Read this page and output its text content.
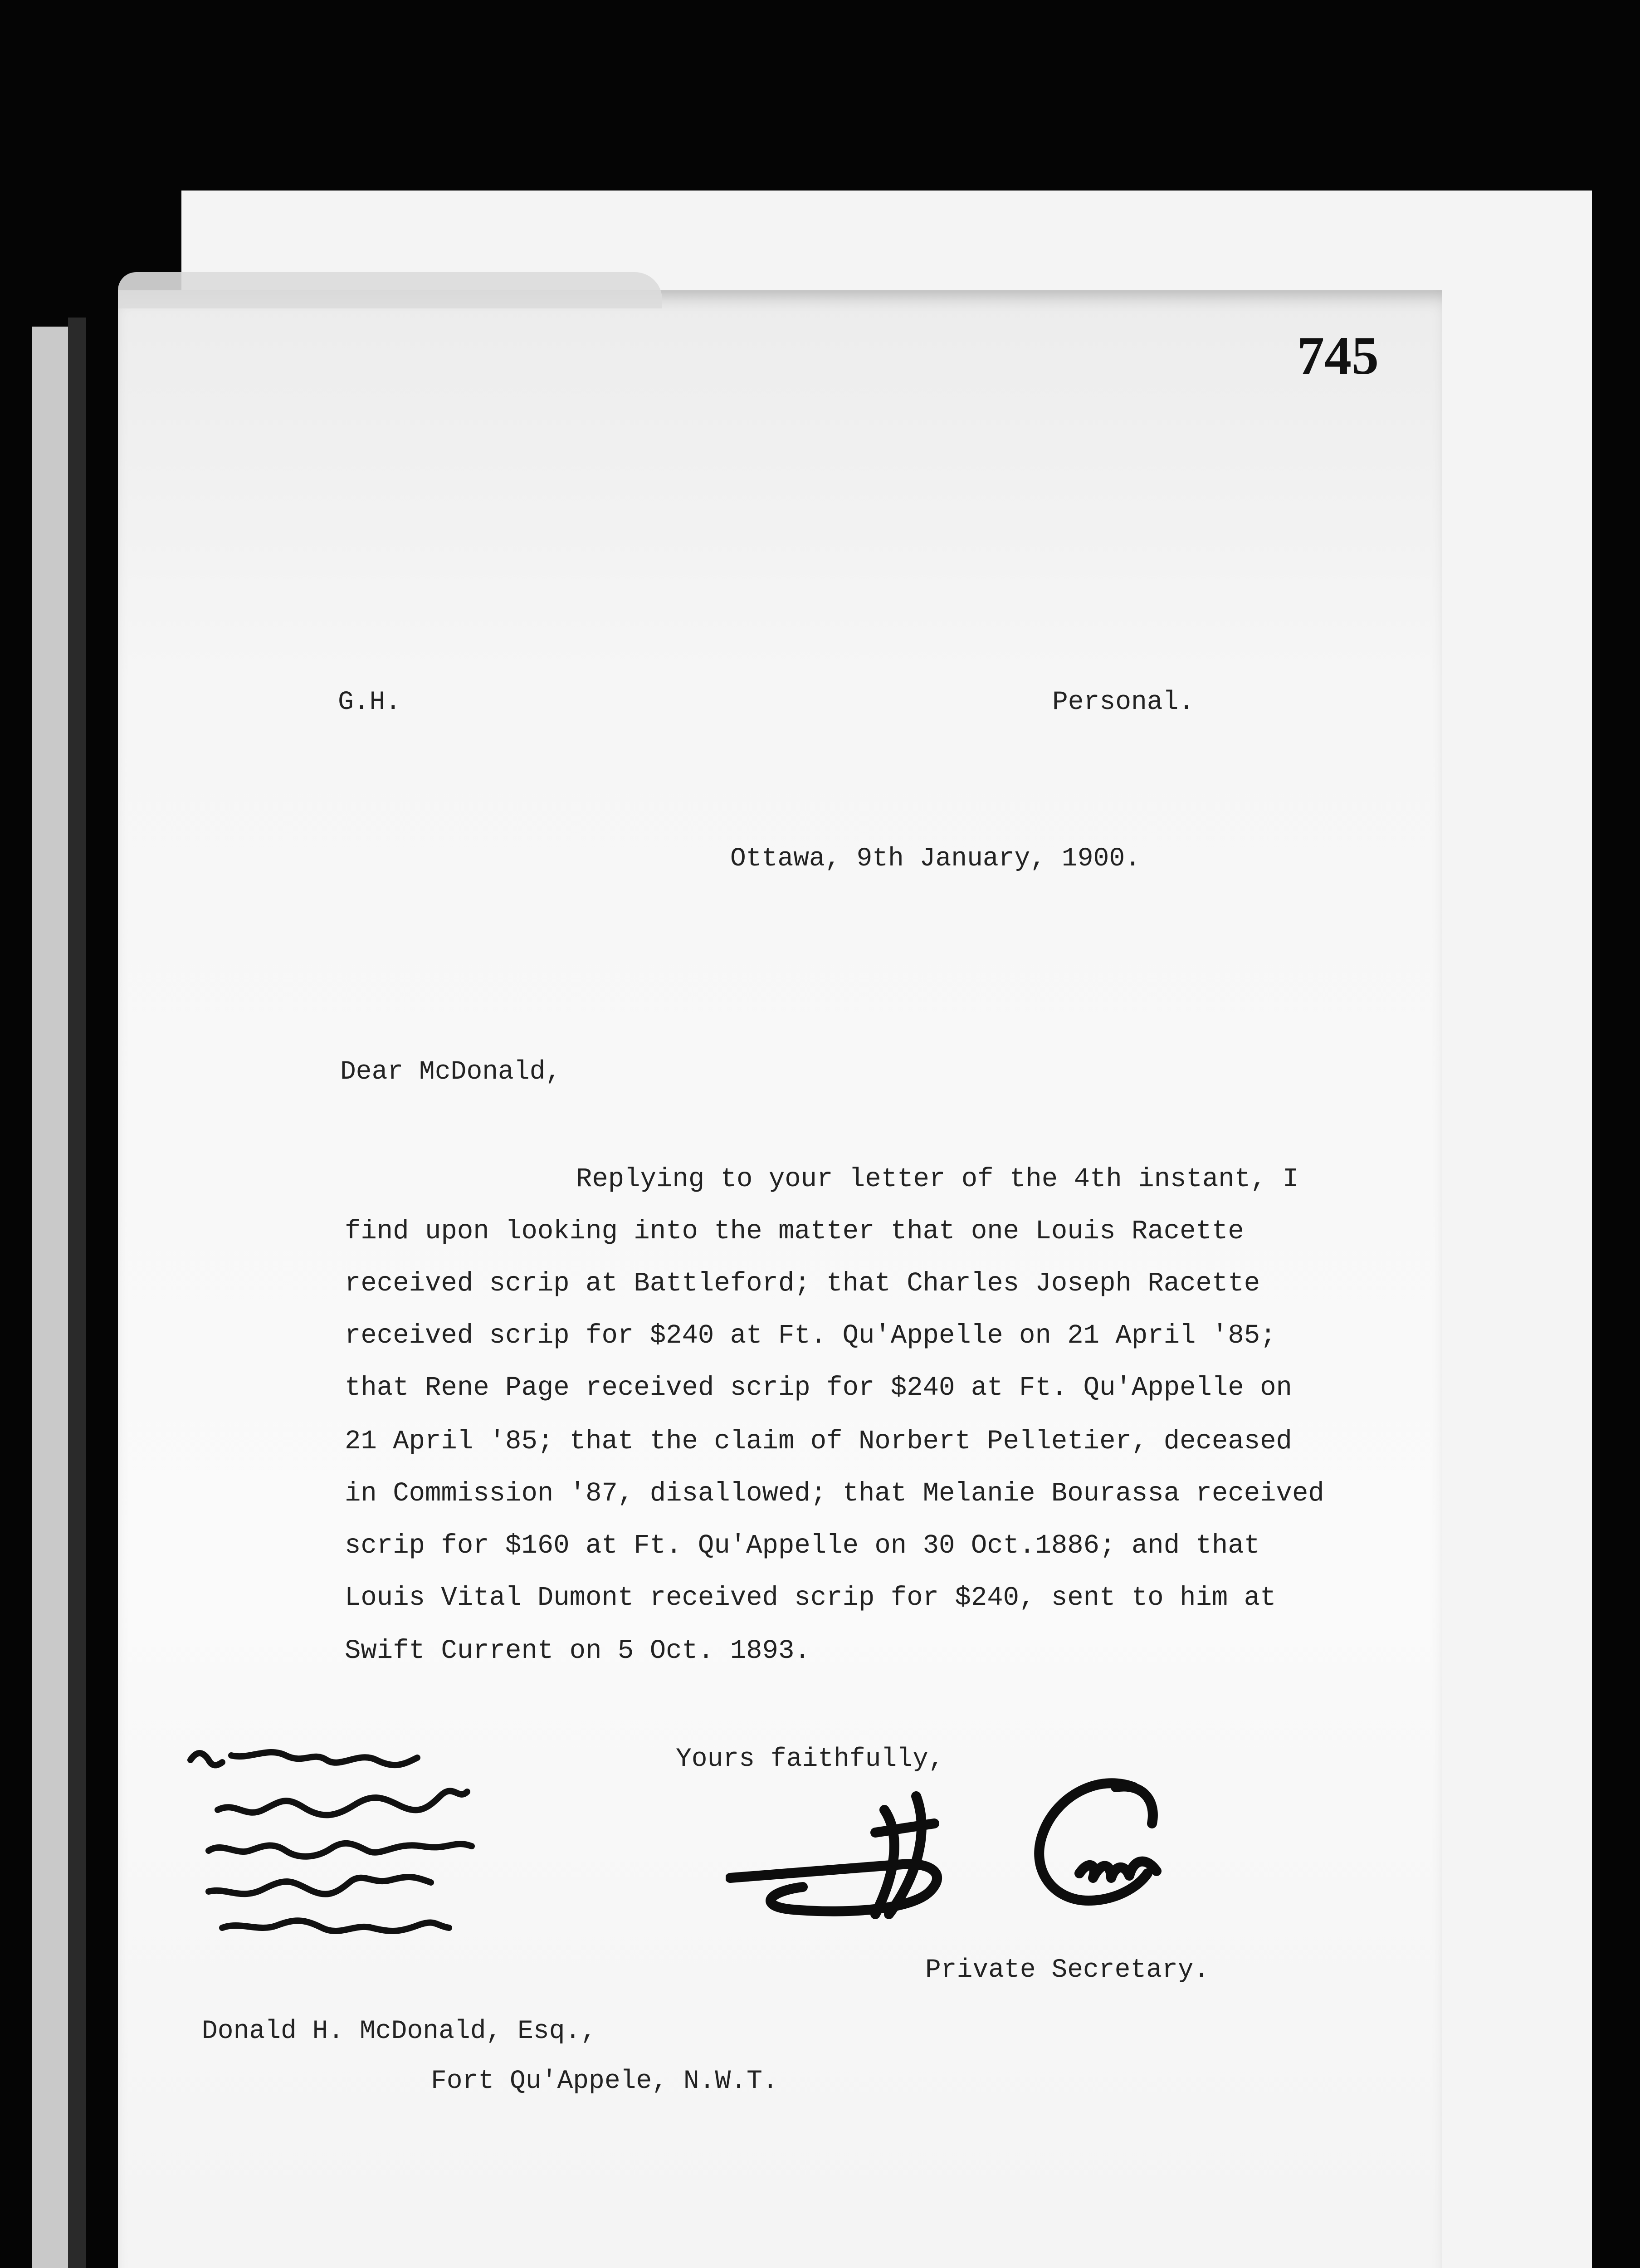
745
G.H.	Personal.
Ottawa, 9th January, 1900.
Dear McDonald,
Replying to your letter of the 4th instant, I
find upon looking into the matter that one Louis Racette
received scrip at Battleford; that Charles Joseph Racette
received scrip for $240 at Ft. Qu'Appelle on 21 April '85;
that Rene Page received scrip for $240 at Ft. Qu'Appelle on
21 April '85; that the claim of Norbert Pelletier, deceased
in Commission '87, disallowed; that Melanie Bourassa received
scrip for $160 at Ft. Qu'Appelle on 30 Oct.1886; and that
Louis Vital Dumont received scrip for $240, sent to him at
Swift Current on 5 Oct. 1893.
Yours faithfully,
Private Secretary.
Donald H. McDonald, Esq.,
Fort Qu'Appele, N.W.T.
